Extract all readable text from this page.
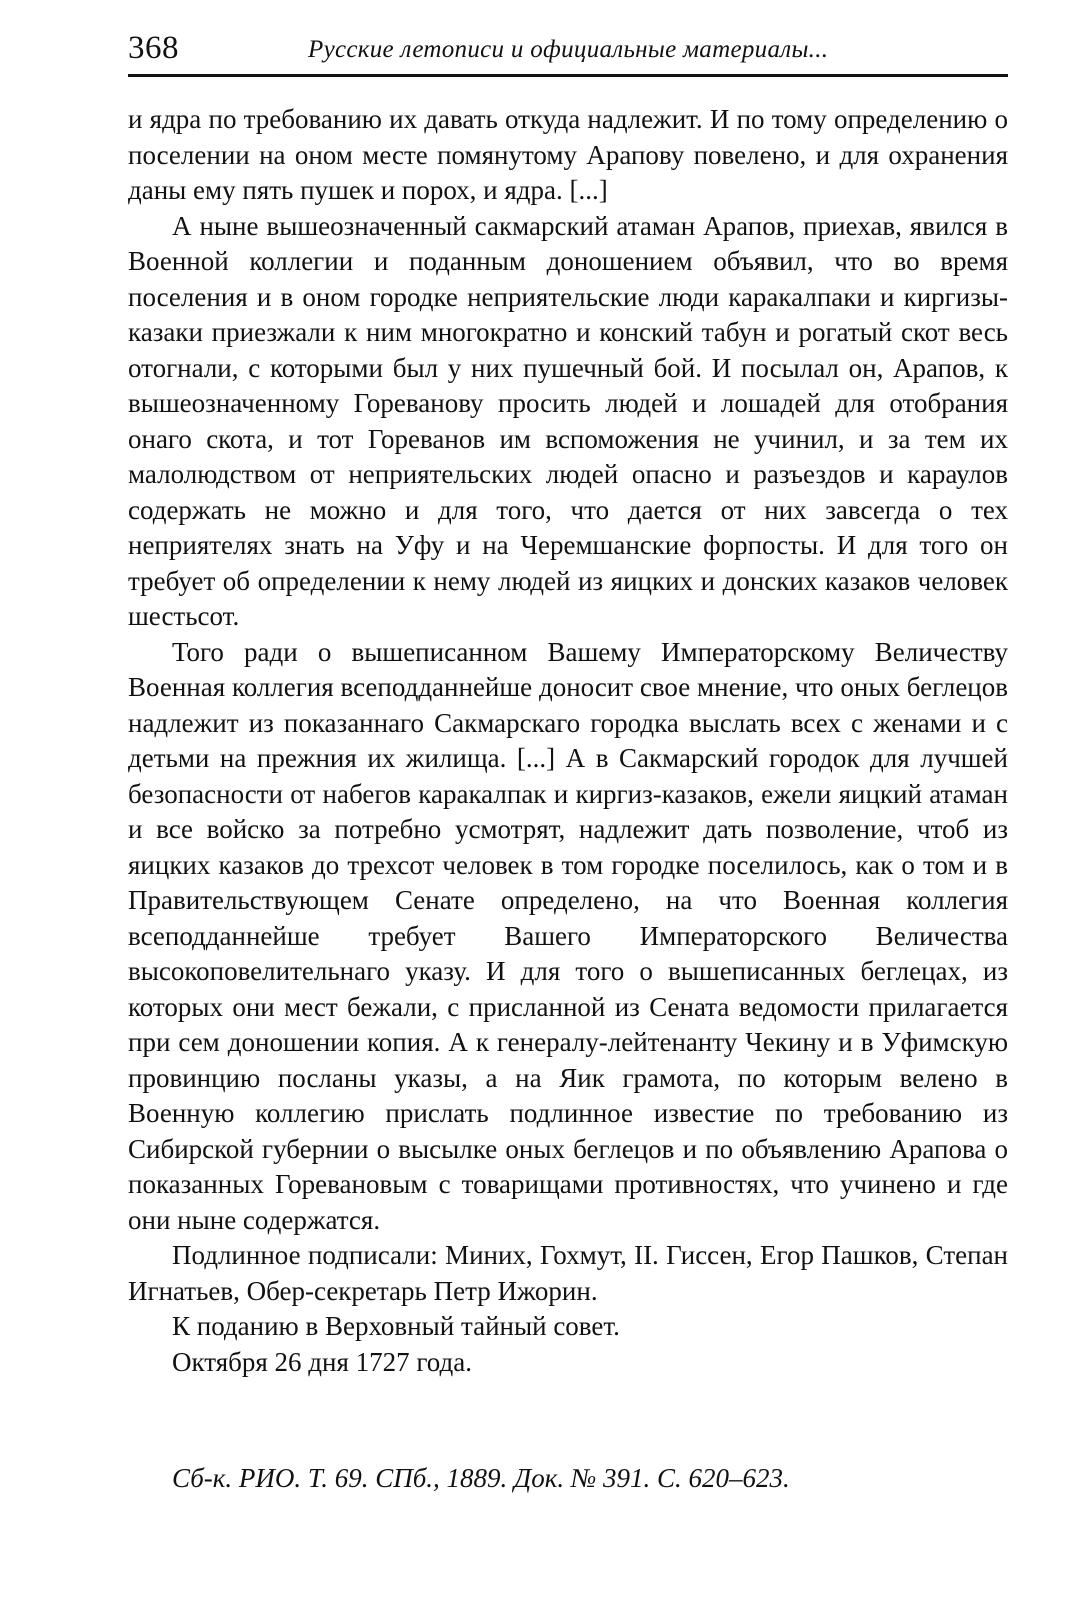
368	Русские летописи и официальные материалы...

и ядра по требованию их давать откуда надлежит. И по тому определению о поселении на оном месте помянутому Арапову повелено, и для охранения даны ему пять пушек и порох, и ядра. [...]

А ныне вышеозначенный сакмарский атаман Арапов, приехав, явился в Военной коллегии и поданным доношением объявил, что во время поселения и в оном городке неприятельские люди каракалпаки и киргизы-казаки приезжали к ним многократно и конский табун и рогатый скот весь отогнали, с которыми был у них пушечный бой. И посылал он, Арапов, к вышеозначенному Горeванову просить людей и лошадей для отобрания онаго скота, и тот Горeванов им вспоможения не учинил, и за тем их малолюдством от неприятельских людей опасно и разъездов и караулов содержать не можно и для того, что дается от них завсегда о тех неприятелях знать на Уфу и на Черемшанские форпосты. И для того он требует об определении к нему людей из яицких и донских казаков человек шестьсот.

Того ради о вышеписанном Вашему Императорскому Величеству Военная коллегия всеподданнейше доносит свое мнение, что оных беглецов надлежит из показаннаго Сакмарскаго городка выслать всех с женами и с детьми на прежния их жилища. [...] А в Сакмарский городок для лучшей безопасности от набегов каракалпак и киргиз-казаков, ежели яицкий атаман и все войско за потребно усмотрят, надлежит дать позволение, чтоб из яицких казаков до трехсот человек в том городке поселилось, как о том и в Правительствующем Сенате определено, на что Военная коллегия всеподданнейше требует Вашего Императорского Величества высокоповелительнаго указу. И для того о вышеписанных беглецах, из которых они мест бежали, с присланной из Сената ведомости прилагается при сем доношении копия. А к генералу-лейтенанту Чекину и в Уфимскую провинцию посланы указы, а на Яик грамота, по которым велено в Военную коллегию прислать подлинное известие по требованию из Сибирской губернии о высылке оных беглецов и по объявлению Арапова о показанных Горевановым с товарищами противностях, что учинено и где они ныне содержатся.

Подлинное подписали: Миних, Гохмут, II. Гиссен, Егор Пашков, Степан Игнатьев, Обер-секретарь Петр Ижорин.

К поданию в Верховный тайный совет.

Октября 26 дня 1727 года.

Сб-к. РИО. Т. 69. СПб., 1889. Док. № 391. С. 620–623.
